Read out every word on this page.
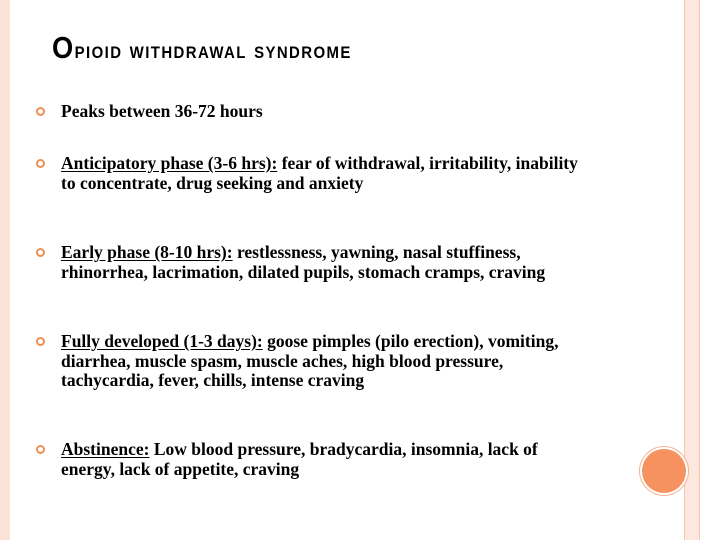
Opioid withdrawal syndrome
Peaks between 36-72 hours
Anticipatory phase (3-6 hrs): fear of withdrawal, irritability, inability to concentrate, drug seeking and anxiety
Early phase (8-10 hrs): restlessness, yawning, nasal stuffiness, rhinorrhea, lacrimation, dilated pupils, stomach cramps, craving
Fully developed (1-3 days): goose pimples (pilo erection), vomiting, diarrhea, muscle spasm, muscle aches, high blood pressure, tachycardia, fever, chills, intense craving
Abstinence: Low blood pressure, bradycardia, insomnia, lack of energy, lack of appetite, craving
